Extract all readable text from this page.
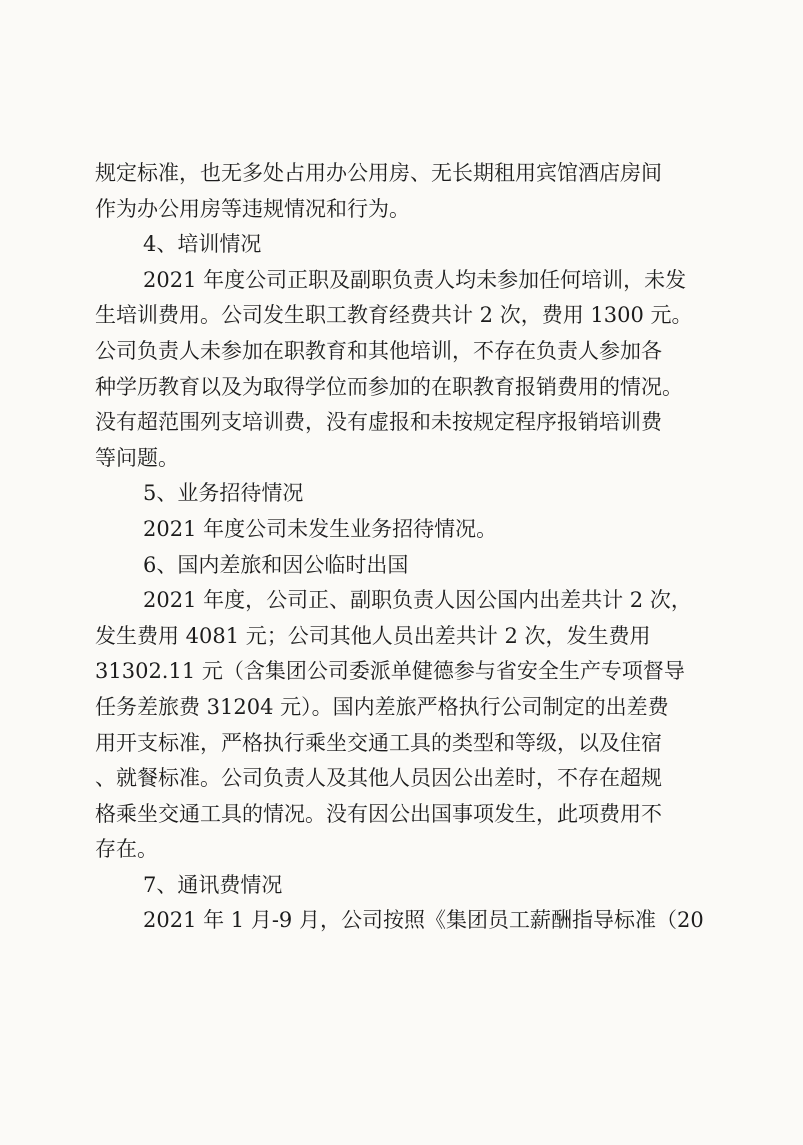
规定标准，也无多处占用办公用房、无长期租用宾馆酒店房间

作为办公用房等违规情况和行为。

4、培训情况

2021 年度公司正职及副职负责人均未参加任何培训，未发

生培训费用。公司发生职工教育经费共计 2 次，费用 1300 元。

公司负责人未参加在职教育和其他培训，不存在负责人参加各

种学历教育以及为取得学位而参加的在职教育报销费用的情况。

没有超范围列支培训费，没有虚报和未按规定程序报销培训费

等问题。

5、业务招待情况

2021 年度公司未发生业务招待情况。

6、国内差旅和因公临时出国

2021 年度，公司正、副职负责人因公国内出差共计 2 次，

发生费用 4081 元；公司其他人员出差共计 2 次，发生费用

31302.11 元（含集团公司委派单健德参与省安全生产专项督导

任务差旅费 31204 元）。国内差旅严格执行公司制定的出差费

用开支标准，严格执行乘坐交通工具的类型和等级，以及住宿

、就餐标准。公司负责人及其他人员因公出差时，不存在超规

格乘坐交通工具的情况。没有因公出国事项发生，此项费用不

存在。

7、通讯费情况

2021 年 1 月-9 月，公司按照《集团员工薪酬指导标准（20
